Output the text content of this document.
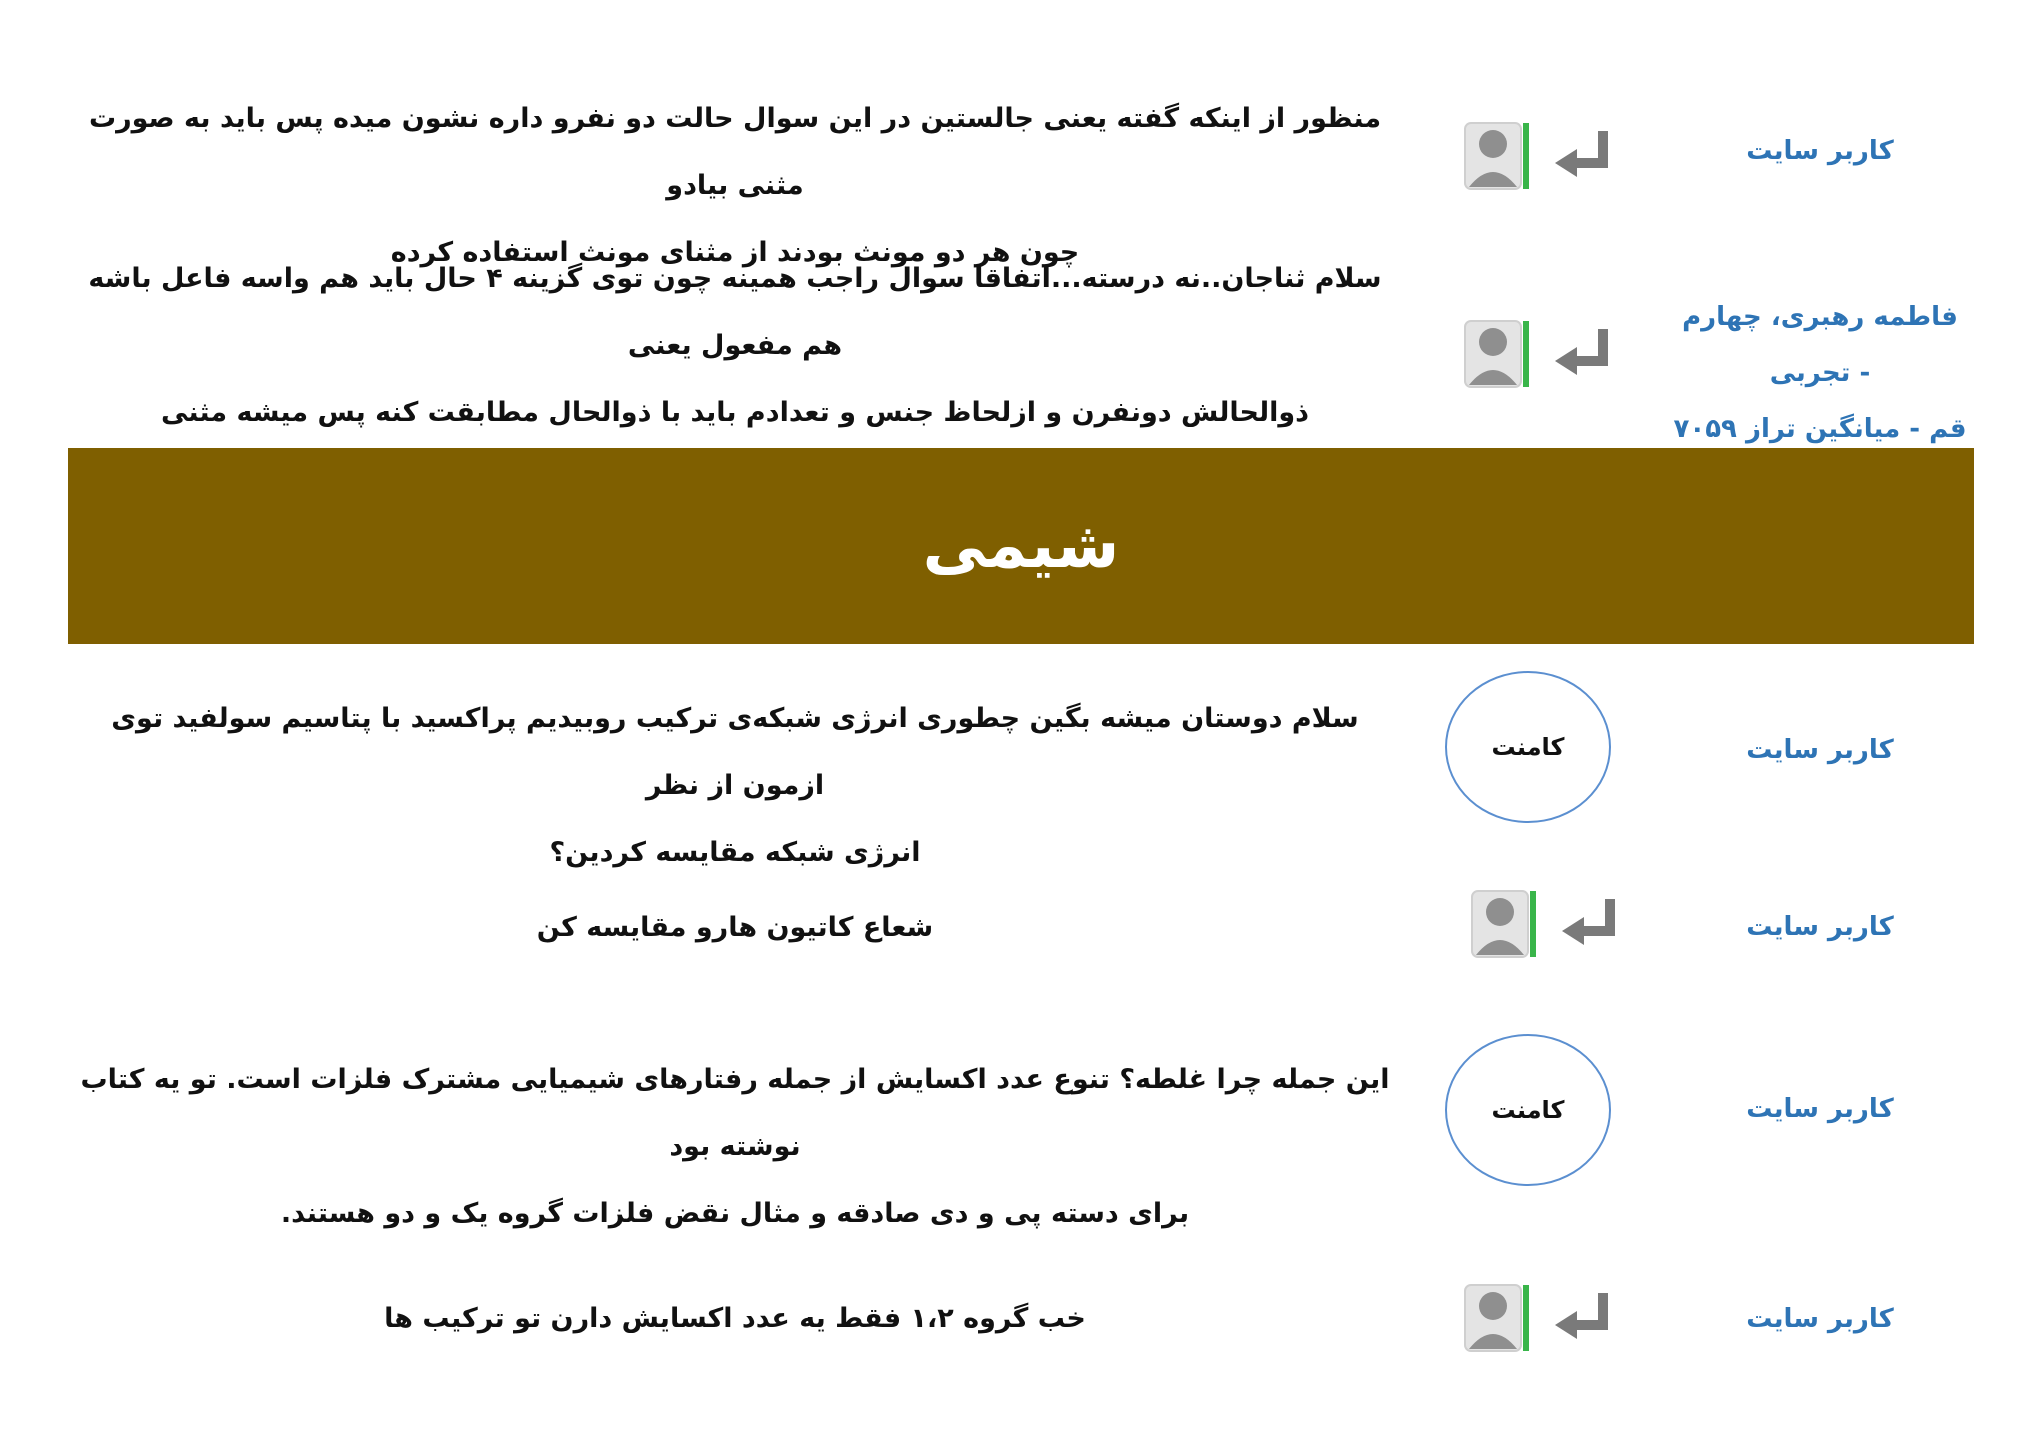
کاربر سایت
منظور از اینکه گفته یعنی جالستین در این سوال حالت دو نفرو داره نشون میده پس باید به صورت مثنی بیادو
چون هر دو مونث بودند از مثنای مونث استفاده کرده
فاطمه رهبری، چهارم تجربی -
قم - میانگین تراز ۷۰۵۹
سلام ثناجان..نه درسته...اتفاقا سوال راجب همینه چون توی گزینه ۴ حال باید هم واسه فاعل باشه هم مفعول یعنی
ذوالحالش دونفرن و ازلحاظ جنس و تعدادم باید با ذوالحال مطابقت کنه پس میشه مثنی
شیمی
کاربر سایت
کامنت
سلام دوستان میشه بگین چطوری انرژی شبکه‌ی ترکیب روبیدیم پراکسید با پتاسیم سولفید توی ازمون از نظر
انرژی شبکه مقایسه کردین؟
کاربر سایت
شعاع کاتیون هارو مقایسه کن
کاربر سایت
کامنت
این جمله چرا غلطه؟ تنوع عدد اکسایش از جمله رفتارهای شیمیایی مشترک فلزات است. تو یه کتاب نوشته بود
برای دسته پی و دی صادقه و مثال نقض فلزات گروه یک و دو هستند.
کاربر سایت
خب گروه ۱،۲ فقط یه عدد اکسایش دارن تو ترکیب ها
